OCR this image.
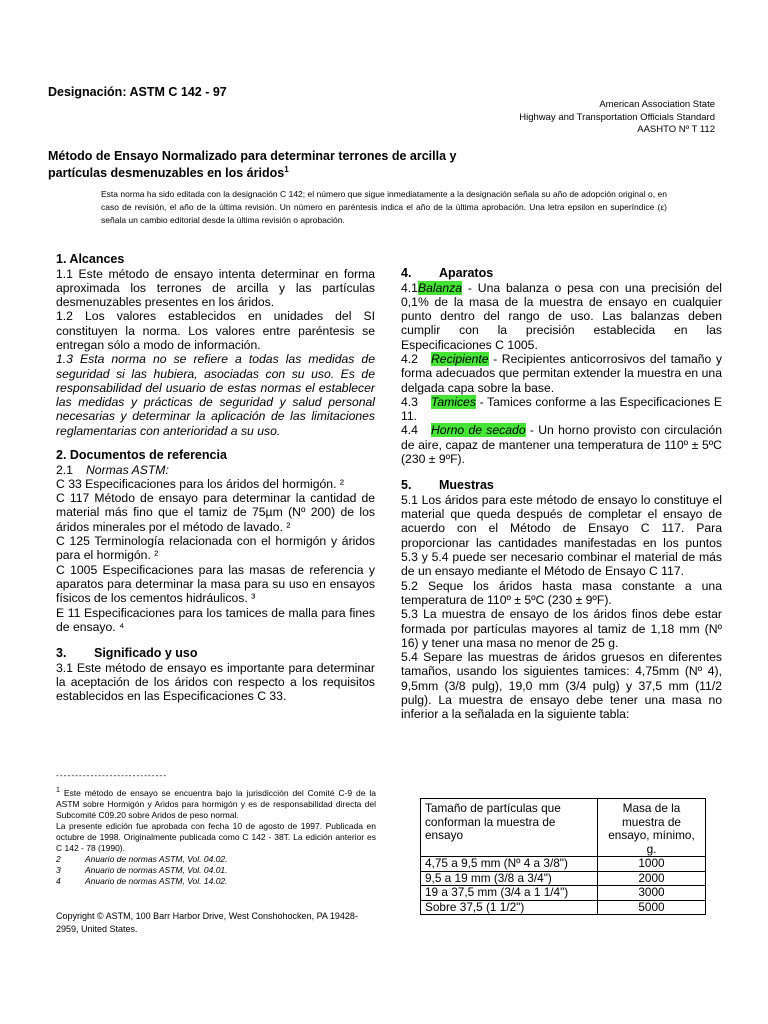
Designación: ASTM C 142 - 97
American Association State
Highway and Transportation Officials Standard
AASHTO Nº T 112
Método de Ensayo Normalizado para determinar terrones de arcilla y
partículas desmenuzables en los áridos$^1$
Esta norma ha sido editada con la designación C 142; el número que sigue inmediatamente a la designación señala su año de adopción original o, en caso de revisión, el año de la última revisión. Un número en paréntesis indica el año de la última aprobación. Una letra epsilon en superíndice (ε) señala un cambio editorial desde la última revisión o aprobación.
1. Alcances

1.1 Este método de ensayo intenta determinar en forma aproximada los terrones de arcilla y las partículas desmenuzables presentes en los áridos.

1.2 Los valores establecidos en unidades del SI constituyen la norma. Los valores entre paréntesis se entregan sólo a modo de información.

1.3 Esta norma no se refiere a todas las medidas de seguridad si las hubiera, asociadas con su uso. Es de responsabilidad del usuario de estas normas el establecer las medidas y prácticas de seguridad y salud personal necesarias y determinar la aplicación de las limitaciones reglamentarias con anterioridad a su uso.

2. Documentos de referencia

2.1 Normas ASTM:

C 33 Especificaciones para los áridos del hormigón. ²

C 117 Método de ensayo para determinar la cantidad de material más fino que el tamiz de 75µm (Nº 200) de los áridos minerales por el método de lavado. ²

C 125 Terminología relacionada con el hormigón y áridos para el hormigón. ²

C 1005 Especificaciones para las masas de referencia y aparatos para determinar la masa para su uso en ensayos físicos de los cementos hidráulicos. ³

E 11 Especificaciones para los tamices de malla para fines de ensayo. ⁴

3. Significado y uso

3.1 Este método de ensayo es importante para determinar la aceptación de los áridos con respecto a los requisitos establecidos en las Especificaciones C 33.

4. Aparatos

4.1Balanza - Una balanza o pesa con una precisión del 0,1% de la masa de la muestra de ensayo en cualquier punto dentro del rango de uso. Las balanzas deben cumplir con la precisión establecida en las Especificaciones C 1005.

4.2 Recipiente - Recipientes anticorrosivos del tamaño y forma adecuados que permitan extender la muestra en una delgada capa sobre la base.

4.3 Tamices - Tamices conforme a las Especificaciones E 11.

4.4 Horno de secado - Un horno provisto con circulación de aire, capaz de mantener una temperatura de 110º ± 5ºC (230 ± 9ºF).

5. Muestras

5.1 Los áridos para este método de ensayo lo constituye el material que queda después de completar el ensayo de acuerdo con el Método de Ensayo C 117. Para proporcionar las cantidades manifestadas en los puntos 5.3 y 5.4 puede ser necesario combinar el material de más de un ensayo mediante el Método de Ensayo C 117.

5.2 Seque los áridos hasta masa constante a una temperatura de 110º ± 5ºC (230 ± 9ºF).

5.3 La muestra de ensayo de los áridos finos debe estar formada por partículas mayores al tamiz de 1,18 mm (Nº 16) y tener una masa no menor de 25 g.

5.4 Separe las muestras de áridos gruesos en diferentes tamaños, usando los siguientes tamices: 4,75mm (Nº 4), 9,5mm (3/8 pulg), 19,0 mm (3/4 pulg) y 37,5 mm (11/2 pulg). La muestra de ensayo debe tener una masa no inferior a la señalada en la siguiente tabla:

Tamaño de partículas que conforman la muestra de ensayo	Masa de la muestra de ensayo, mínimo, g.
4,75 a 9,5 mm (Nº 4 a 3/8")	1000
9,5 a 19 mm (3/8 a 3/4")	2000
19 a 37,5 mm (3/4 a 1 1/4")	3000
Sobre 37,5 (1 1/2")	5000
-----------------------------

$^1$ Este método de ensayo se encuentra bajo la jurisdicción del Comité C-9 de la ASTM sobre Hormigón y Aridos para hormigón y es de responsabilidad directa del Subcomité C09.20 sobre Aridos de peso normal.

La presente edición fue aprobada con fecha 10 de agosto de 1997. Publicada en octubre de 1998. Originalmente publicada como C 142 - 38T. La edición anterior es C 142 - 78 (1990).

2	Anuario de normas ASTM, Vol. 04.02.
3	Anuario de normas ASTM, Vol. 04.01.
4	Anuario de normas ASTM, Vol. 14.02.
Copyright © ASTM, 100 Barr Harbor Drive, West Conshohocken, PA 19428-2959, United States.
